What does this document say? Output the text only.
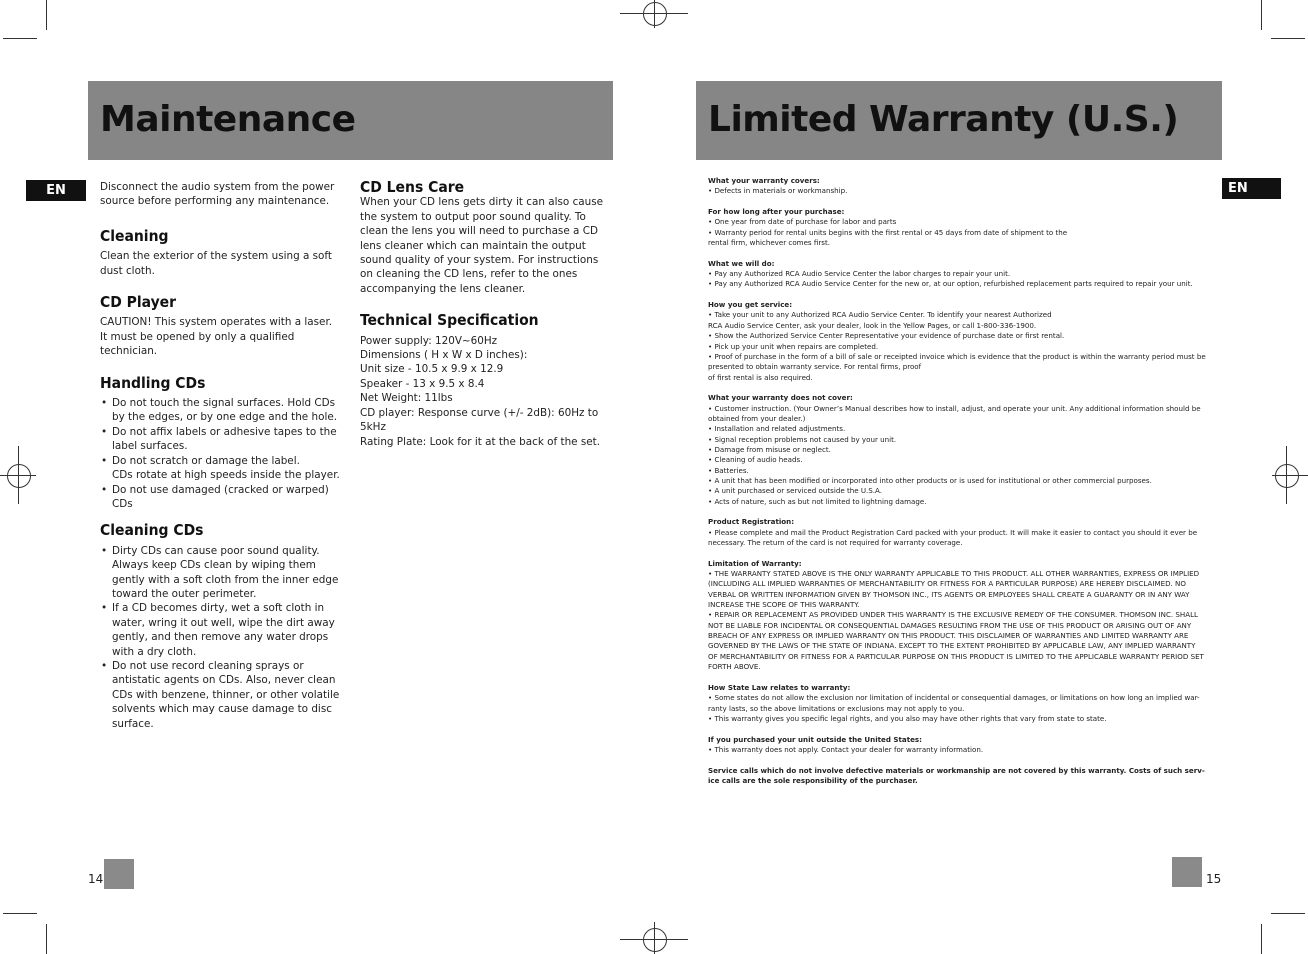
Maintenance
EN	Disconnect the audio system from the power source before performing any maintenance.
Cleaning
Clean the exterior of the system using a soft dust cloth.
CD Player
CAUTION! This system operates with a laser. It must be opened by only a qualified technician.
Handling CDs
• Do not touch the signal surfaces. Hold CDs by the edges, or by one edge and the hole.
• Do not affix labels or adhesive tapes to the label surfaces.
• Do not scratch or damage the label.
CDs rotate at high speeds inside the player.
• Do not use damaged (cracked or warped) CDs
Cleaning CDs
• Dirty CDs can cause poor sound quality. Always keep CDs clean by wiping them gently with a soft cloth from the inner edge toward the outer perimeter.
• If a CD becomes dirty, wet a soft cloth in water, wring it out well, wipe the dirt away gently, and then remove any water drops with a dry cloth.
• Do not use record cleaning sprays or antistatic agents on CDs. Also, never clean CDs with benzene, thinner, or other volatile solvents which may cause damage to disc surface.
CD Lens Care
When your CD lens gets dirty it can also cause the system to output poor sound quality. To clean the lens you will need to purchase a CD lens cleaner which can maintain the output sound quality of your system. For instructions on cleaning the CD lens, refer to the ones accompanying the lens cleaner.
Technical Specification
Power supply: 120V~60Hz
Dimensions ( H x W x D inches):
Unit size - 10.5 x 9.9 x 12.9
Speaker - 13 x 9.5 x 8.4
Net Weight: 11lbs
CD player: Response curve (+/- 2dB): 60Hz to 5kHz
Rating Plate: Look for it at the back of the set.
14
Limited Warranty (U.S.)
EN
What your warranty covers:
• Defects in materials or workmanship.
For how long after your purchase:
• One year from date of purchase for labor and parts
• Warranty period for rental units begins with the first rental or 45 days from date of shipment to the
rental firm, whichever comes first.
What we will do:
• Pay any Authorized RCA Audio Service Center the labor charges to repair your unit.
• Pay any Authorized RCA Audio Service Center for the new or, at our option, refurbished replacement parts required to repair your unit.
How you get service:
• Take your unit to any Authorized RCA Audio Service Center. To identify your nearest Authorized
RCA Audio Service Center, ask your dealer, look in the Yellow Pages, or call 1-800-336-1900.
• Show the Authorized Service Center Representative your evidence of purchase date or first rental.
• Pick up your unit when repairs are completed.
• Proof of purchase in the form of a bill of sale or receipted invoice which is evidence that the product is within the warranty period must be
presented to obtain warranty service. For rental firms, proof
of first rental is also required.
What your warranty does not cover:
• Customer instruction. (Your Owner’s Manual describes how to install, adjust, and operate your unit. Any additional information should be
obtained from your dealer.)
• Installation and related adjustments.
• Signal reception problems not caused by your unit.
• Damage from misuse or neglect.
• Cleaning of audio heads.
• Batteries.
• A unit that has been modified or incorporated into other products or is used for institutional or other commercial purposes.
• A unit purchased or serviced outside the U.S.A.
• Acts of nature, such as but not limited to lightning damage.
Product Registration:
• Please complete and mail the Product Registration Card packed with your product. It will make it easier to contact you should it ever be
necessary. The return of the card is not required for warranty coverage.
Limitation of Warranty:
• THE WARRANTY STATED ABOVE IS THE ONLY WARRANTY APPLICABLE TO THIS PRODUCT. ALL OTHER WARRANTIES, EXPRESS OR IMPLIED
(INCLUDING ALL IMPLIED WARRANTIES OF MERCHANTABILITY OR FITNESS FOR A PARTICULAR PURPOSE) ARE HEREBY DISCLAIMED. NO
VERBAL OR WRITTEN INFORMATION GIVEN BY THOMSON INC., ITS AGENTS OR EMPLOYEES SHALL CREATE A GUARANTY OR IN ANY WAY
INCREASE THE SCOPE OF THIS WARRANTY.
• REPAIR OR REPLACEMENT AS PROVIDED UNDER THIS WARRANTY IS THE EXCLUSIVE REMEDY OF THE CONSUMER. THOMSON INC. SHALL
NOT BE LIABLE FOR INCIDENTAL OR CONSEQUENTIAL DAMAGES RESULTING FROM THE USE OF THIS PRODUCT OR ARISING OUT OF ANY
BREACH OF ANY EXPRESS OR IMPLIED WARRANTY ON THIS PRODUCT. THIS DISCLAIMER OF WARRANTIES AND LIMITED WARRANTY ARE
GOVERNED BY THE LAWS OF THE STATE OF INDIANA. EXCEPT TO THE EXTENT PROHIBITED BY APPLICABLE LAW, ANY IMPLIED WARRANTY
OF MERCHANTABILITY OR FITNESS FOR A PARTICULAR PURPOSE ON THIS PRODUCT IS LIMITED TO THE APPLICABLE WARRANTY PERIOD SET
FORTH ABOVE.
How State Law relates to warranty:
• Some states do not allow the exclusion nor limitation of incidental or consequential damages, or limitations on how long an implied war-
ranty lasts, so the above limitations or exclusions may not apply to you.
• This warranty gives you specific legal rights, and you also may have other rights that vary from state to state.
If you purchased your unit outside the United States:
• This warranty does not apply. Contact your dealer for warranty information.
Service calls which do not involve defective materials or workmanship are not covered by this warranty. Costs of such serv-
ice calls are the sole responsibility of the purchaser.
15
